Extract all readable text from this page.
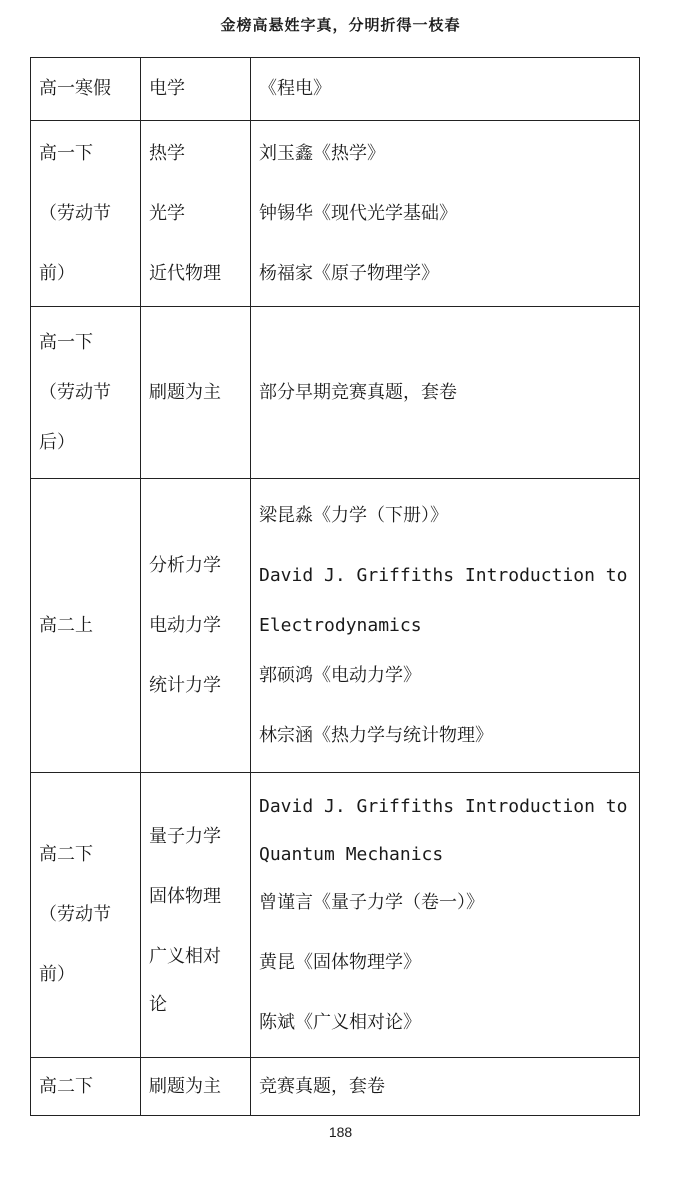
金榜高悬姓字真，分明折得一枝春
高一寒假	电学	《程电》

高一下
（劳动节
前）	热学
光学
近代物理	刘玉鑫《热学》
钟锡华《现代光学基础》
杨福家《原子物理学》

高一下
（劳动节
后）	刷题为主	部分早期竞赛真题，套卷

高二上	分析力学
电动力学
统计力学	梁昆淼《力学（下册）》
David J. Griffiths Introduction to
Electrodynamics
郭硕鸿《电动力学》
林宗涵《热力学与统计物理》

高二下
（劳动节
前）	量子力学
固体物理
广义相对
论	David J. Griffiths Introduction to
Quantum Mechanics
曾谨言《量子力学（卷一）》
黄昆《固体物理学》
陈斌《广义相对论》

高二下	刷题为主	竞赛真题，套卷
188
